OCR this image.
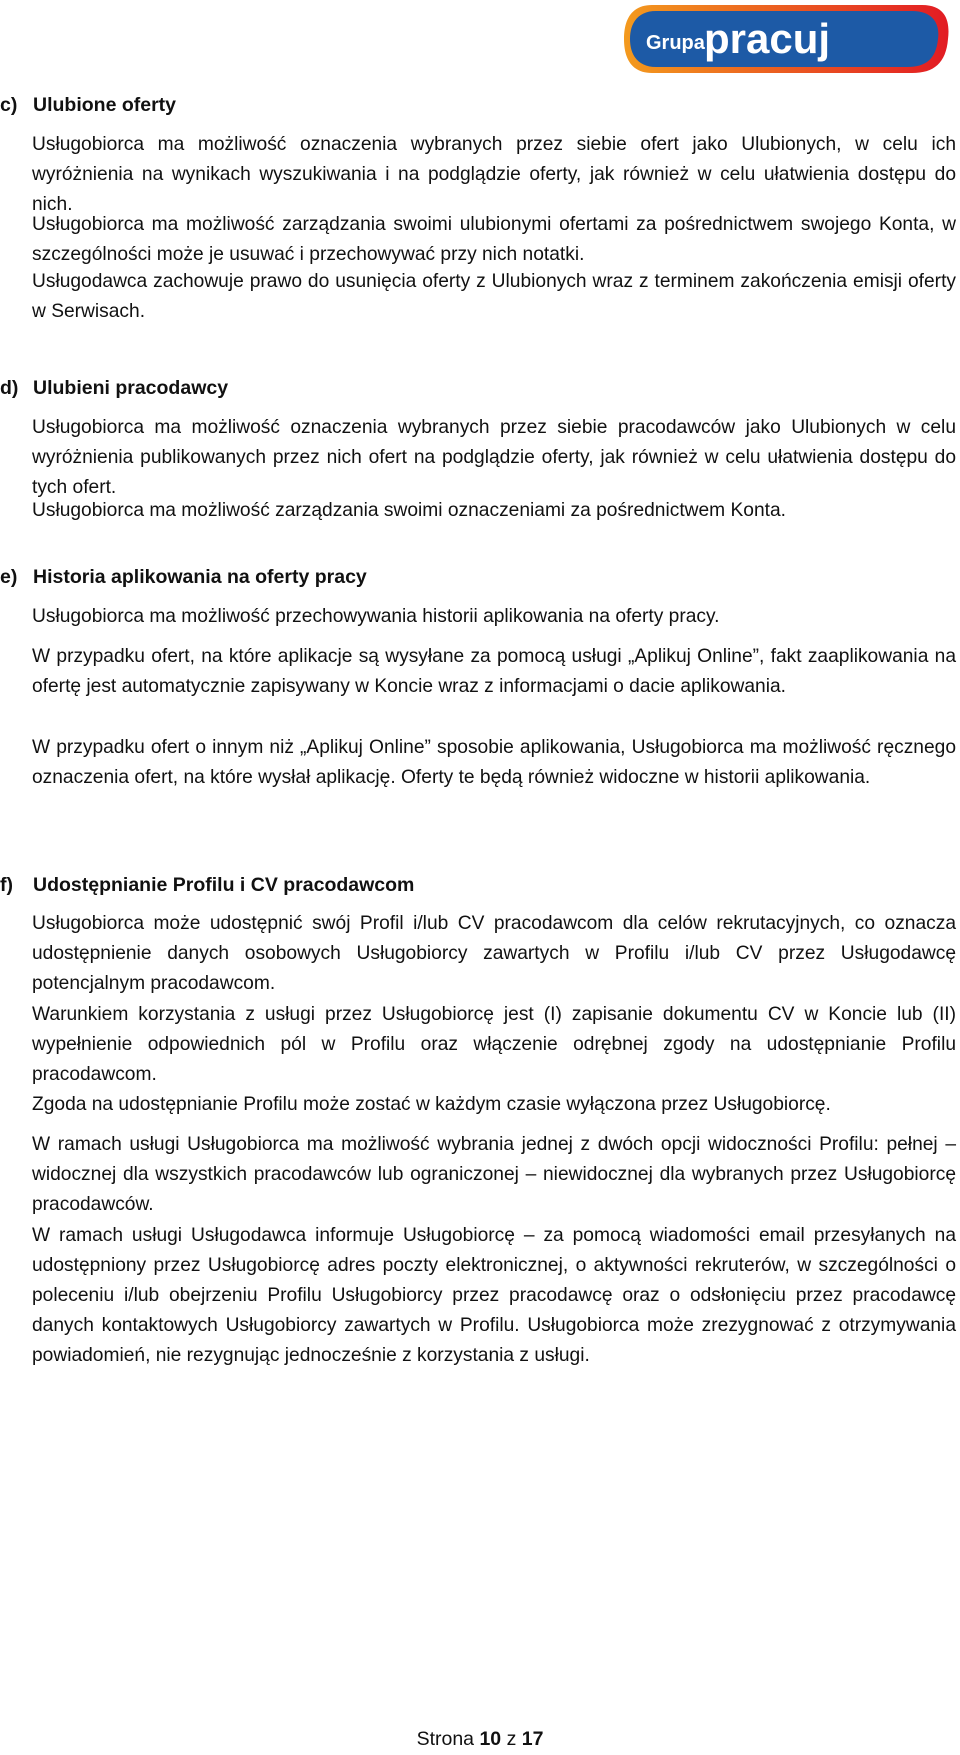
Grupa pracuj
c) Ulubione oferty
Usługobiorca ma możliwość oznaczenia wybranych przez siebie ofert jako Ulubionych, w celu ich wyróżnienia na wynikach wyszukiwania i na podglądzie oferty, jak również w celu ułatwienia dostępu do nich.
Usługobiorca ma możliwość zarządzania swoimi ulubionymi ofertami za pośrednictwem swojego Konta, w szczególności może je usuwać i przechowywać przy nich notatki.
Usługodawca zachowuje prawo do usunięcia oferty z Ulubionych wraz z terminem zakończenia emisji oferty w Serwisach.
d) Ulubieni pracodawcy
Usługobiorca ma możliwość oznaczenia wybranych przez siebie pracodawców jako Ulubionych w celu wyróżnienia publikowanych przez nich ofert na podglądzie oferty, jak również w celu ułatwienia dostępu do tych ofert.
Usługobiorca ma możliwość zarządzania swoimi oznaczeniami za pośrednictwem Konta.
e) Historia aplikowania na oferty pracy
Usługobiorca ma możliwość przechowywania historii aplikowania na oferty pracy.
W przypadku ofert, na które aplikacje są wysyłane za pomocą usługi „Aplikuj Online”, fakt zaaplikowania na ofertę jest automatycznie zapisywany w Koncie wraz z informacjami o dacie aplikowania.
W przypadku ofert o innym niż „Aplikuj Online” sposobie aplikowania, Usługobiorca ma możliwość ręcznego oznaczenia ofert, na które wysłał aplikację. Oferty te będą również widoczne w historii aplikowania.
f) Udostępnianie Profilu i CV pracodawcom
Usługobiorca może udostępnić swój Profil i/lub CV pracodawcom dla celów rekrutacyjnych, co oznacza udostępnienie danych osobowych Usługobiorcy zawartych w Profilu i/lub CV przez Usługodawcę potencjalnym pracodawcom.
Warunkiem korzystania z usługi przez Usługobiorcę jest (I) zapisanie dokumentu CV w Koncie lub (II) wypełnienie odpowiednich pól w Profilu oraz włączenie odrębnej zgody na udostępnianie Profilu pracodawcom.
Zgoda na udostępnianie Profilu może zostać w każdym czasie wyłączona przez Usługobiorcę.
W ramach usługi Usługobiorca ma możliwość wybrania jednej z dwóch opcji widoczności Profilu: pełnej – widocznej dla wszystkich pracodawców lub ograniczonej – niewidocznej dla wybranych przez Usługobiorcę pracodawców.
W ramach usługi Usługodawca informuje Usługobiorcę – za pomocą wiadomości email przesyłanych na udostępniony przez Usługobiorcę adres poczty elektronicznej, o aktywności rekruterów, w szczególności o poleceniu i/lub obejrzeniu Profilu Usługobiorcy przez pracodawcę oraz o odsłonięciu przez pracodawcę danych kontaktowych Usługobiorcy zawartych w Profilu. Usługobiorca może zrezygnować z otrzymywania powiadomień, nie rezygnując jednocześnie z korzystania z usługi.
Strona 10 z 17
